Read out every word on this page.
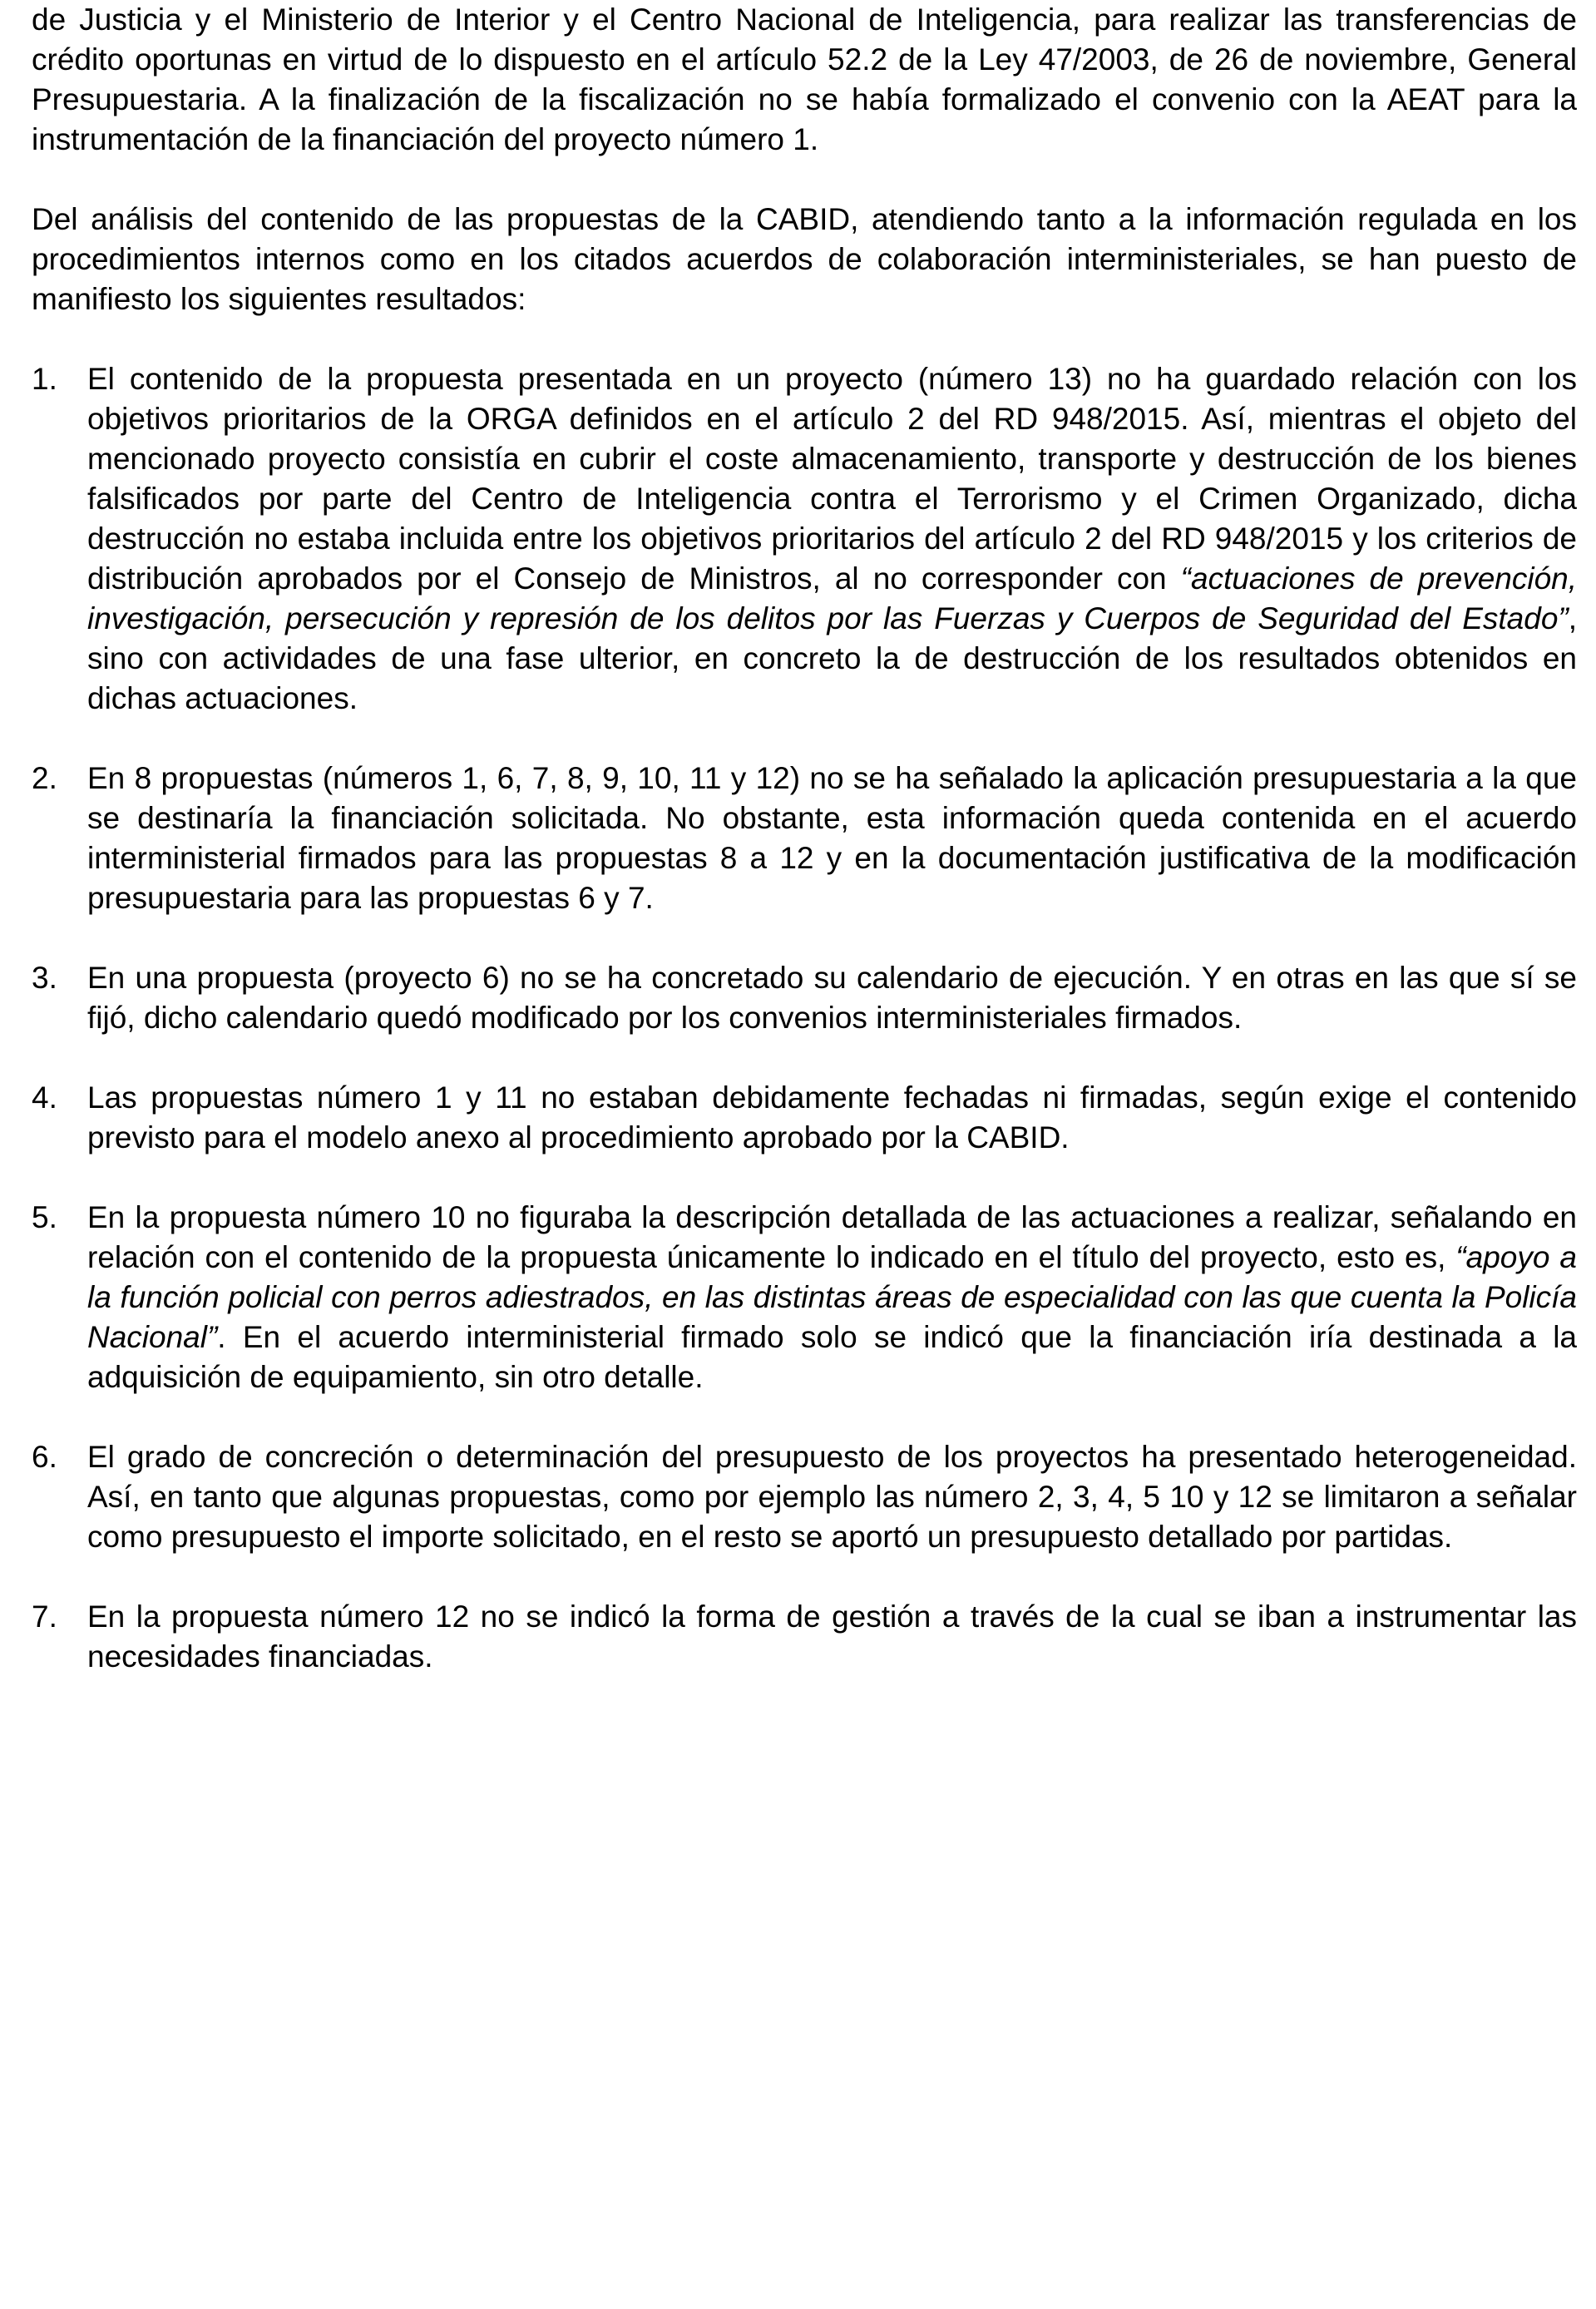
de Justicia y el Ministerio de Interior y el Centro Nacional de Inteligencia, para realizar las transferencias de crédito oportunas en virtud de lo dispuesto en el artículo 52.2 de la Ley 47/2003, de 26 de noviembre, General Presupuestaria. A la finalización de la fiscalización no se había formalizado el convenio con la AEAT para la instrumentación de la financiación del proyecto número 1.

Del análisis del contenido de las propuestas de la CABID, atendiendo tanto a la información regulada en los procedimientos internos como en los citados acuerdos de colaboración interministeriales, se han puesto de manifiesto los siguientes resultados:

1. El contenido de la propuesta presentada en un proyecto (número 13) no ha guardado relación con los objetivos prioritarios de la ORGA definidos en el artículo 2 del RD 948/2015. Así, mientras el objeto del mencionado proyecto consistía en cubrir el coste almacenamiento, transporte y destrucción de los bienes falsificados por parte del Centro de Inteligencia contra el Terrorismo y el Crimen Organizado, dicha destrucción no estaba incluida entre los objetivos prioritarios del artículo 2 del RD 948/2015 y los criterios de distribución aprobados por el Consejo de Ministros, al no corresponder con “actuaciones de prevención, investigación, persecución y represión de los delitos por las Fuerzas y Cuerpos de Seguridad del Estado”, sino con actividades de una fase ulterior, en concreto la de destrucción de los resultados obtenidos en dichas actuaciones.
2. En 8 propuestas (números 1, 6, 7, 8, 9, 10, 11 y 12) no se ha señalado la aplicación presupuestaria a la que se destinaría la financiación solicitada. No obstante, esta información queda contenida en el acuerdo interministerial firmados para las propuestas 8 a 12 y en la documentación justificativa de la modificación presupuestaria para las propuestas 6 y 7.
3. En una propuesta (proyecto 6) no se ha concretado su calendario de ejecución. Y en otras en las que sí se fijó, dicho calendario quedó modificado por los convenios interministeriales firmados.
4. Las propuestas número 1 y 11 no estaban debidamente fechadas ni firmadas, según exige el contenido previsto para el modelo anexo al procedimiento aprobado por la CABID.
5. En la propuesta número 10 no figuraba la descripción detallada de las actuaciones a realizar, señalando en relación con el contenido de la propuesta únicamente lo indicado en el título del proyecto, esto es, “apoyo a la función policial con perros adiestrados, en las distintas áreas de especialidad con las que cuenta la Policía Nacional”. En el acuerdo interministerial firmado solo se indicó que la financiación iría destinada a la adquisición de equipamiento, sin otro detalle.
6. El grado de concreción o determinación del presupuesto de los proyectos ha presentado heterogeneidad. Así, en tanto que algunas propuestas, como por ejemplo las número 2, 3, 4, 5 10 y 12 se limitaron a señalar como presupuesto el importe solicitado, en el resto se aportó un presupuesto detallado por partidas.
7. En la propuesta número 12 no se indicó la forma de gestión a través de la cual se iban a instrumentar las necesidades financiadas.
